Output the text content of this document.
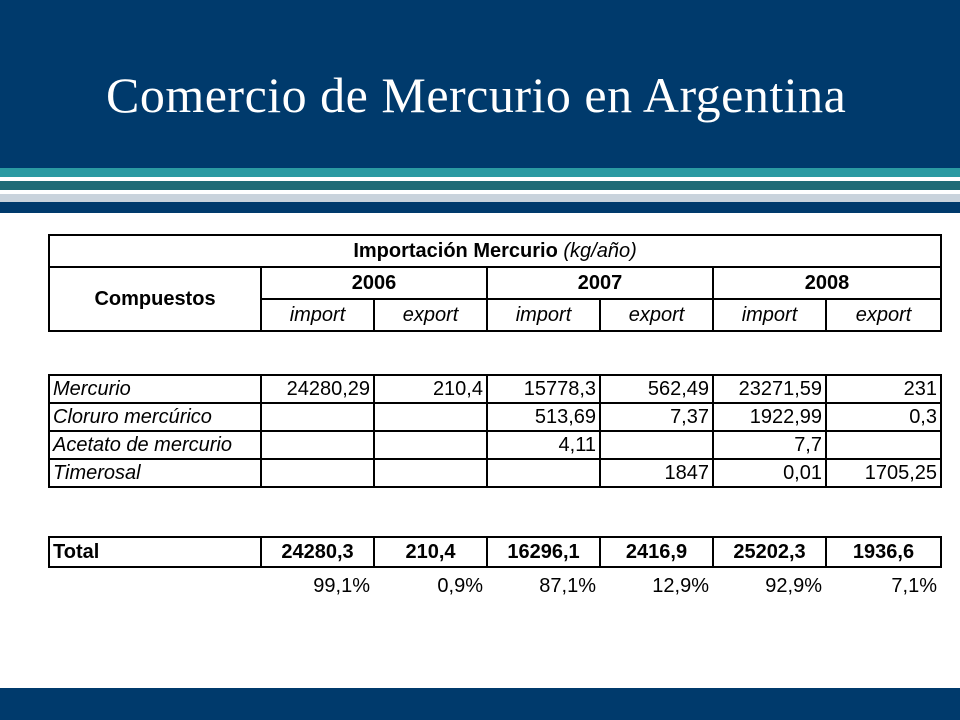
Comercio de Mercurio en Argentina
Importación Mercurio (kg/año)						
Compuestos	2006		2007		2008	
	import	export	import	export	import	export
Mercurio	24280,29	210,4	15778,3	562,49	23271,59	231
Cloruro mercúrico			513,69	7,37	1922,99	0,3
Acetato de mercurio			4,11		7,7	
Timerosal				1847	0,01	1705,25
Total	24280,3	210,4	16296,1	2416,9	25202,3	1936,6
	99,1%	0,9%	87,1%	12,9%	92,9%	7,1%
